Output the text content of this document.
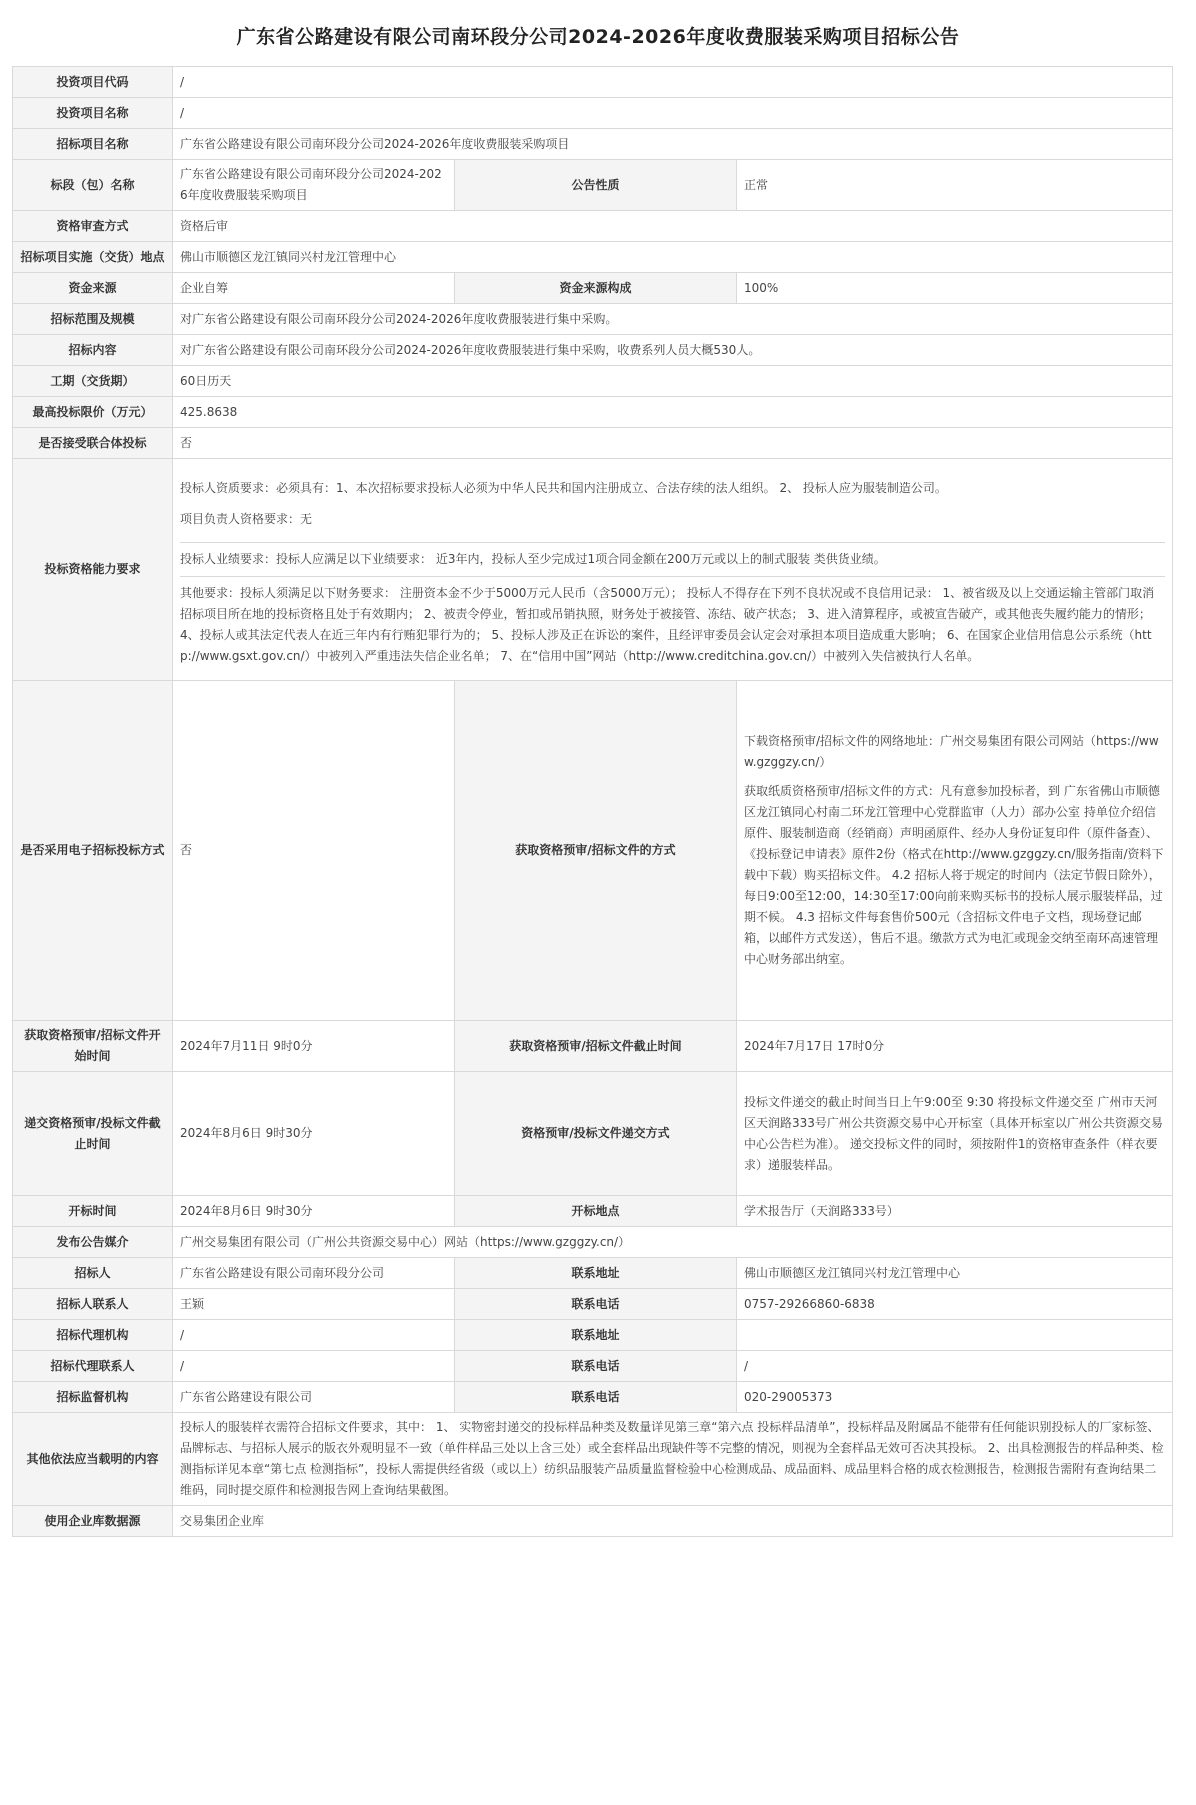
广东省公路建设有限公司南环段分公司2024-2026年度收费服装采购项目招标公告
投资项目代码	/		
投资项目名称	/		
招标项目名称	广东省公路建设有限公司南环段分公司2024-2026年度收费服装采购项目		
标段（包）名称	广东省公路建设有限公司南环段分公司2024-2026年度收费服装采购项目	公告性质	正常
资格审查方式	资格后审		
招标项目实施（交货）地点	佛山市顺德区龙江镇同兴村龙江管理中心		
资金来源	企业自筹	资金来源构成	100%
招标范围及规模	对广东省公路建设有限公司南环段分公司2024-2026年度收费服装进行集中采购。		
招标内容	对广东省公路建设有限公司南环段分公司2024-2026年度收费服装进行集中采购，收费系列人员大概530人。		
工期（交货期）	60日历天		
最高投标限价（万元）	425.8638		
是否接受联合体投标	否		
投标资格能力要求	投标人资质要求：必须具有：1、本次招标要求投标人必须为中华人民共和国内注册成立、合法存续的法人组织。 2、 投标人应为服装制造公司。

项目负责人资格要求：无

投标人业绩要求：投标人应满足以下业绩要求： 近3年内，投标人至少完成过1项合同金额在200万元或以上的制式服装 类供货业绩。

其他要求：投标人须满足以下财务要求： 注册资本金不少于5000万元人民币（含5000万元）； 投标人不得存在下列不良状况或不良信用记录： 1、被省级及以上交通运输主管部门取消招标项目所在地的投标资格且处于有效期内； 2、被责令停业，暂扣或吊销执照，财务处于被接管、冻结、破产状态； 3、进入清算程序，或被宣告破产，或其他丧失履约能力的情形； 4、投标人或其法定代表人在近三年内有行贿犯罪行为的； 5、投标人涉及正在诉讼的案件，且经评审委员会认定会对承担本项目造成重大影响； 6、在国家企业信用信息公示系统（http://www.gsxt.gov.cn/）中被列入严重违法失信企业名单； 7、在“信用中国”网站（http://www.creditchina.gov.cn/）中被列入失信被执行人名单。		

是否采用电子招标投标方式	否	获取资格预审/招标文件的方式	下载资格预审/招标文件的网络地址：广州交易集团有限公司网站（https://www.gzggzy.cn/）

获取纸质资格预审/招标文件的方式：凡有意参加投标者，到 广东省佛山市顺德区龙江镇同心村南二环龙江管理中心党群监审（人力）部办公室 持单位介绍信原件、服装制造商（经销商）声明函原件、经办人身份证复印件（原件备查）、《投标登记申请表》原件2份（格式在http://www.gzggzy.cn/服务指南/资料下载中下载）购买招标文件。 4.2 招标人将于规定的时间内（法定节假日除外），每日9:00至12:00，14:30至17:00向前来购买标书的投标人展示服装样品，过期不候。 4.3 招标文件每套售价500元（含招标文件电子文档，现场登记邮箱，以邮件方式发送），售后不退。缴款方式为电汇或现金交纳至南环高速管理中心财务部出纳室。

获取资格预审/招标文件开始时间	2024年7月11日 9时0分	获取资格预审/招标文件截止时间	2024年7月17日 17时0分
递交资格预审/投标文件截止时间	2024年8月6日 9时30分	资格预审/投标文件递交方式	投标文件递交的截止时间当日上午9:00至 9:30 将投标文件递交至 广州市天河区天润路333号广州公共资源交易中心开标室（具体开标室以广州公共资源交易中心公告栏为准）。 递交投标文件的同时，须按附件1的资格审查条件（样衣要求）递服装样品。
开标时间	2024年8月6日 9时30分	开标地点	学术报告厅（天润路333号）
发布公告媒介	广州交易集团有限公司（广州公共资源交易中心）网站（https://www.gzggzy.cn/）		
招标人	广东省公路建设有限公司南环段分公司	联系地址	佛山市顺德区龙江镇同兴村龙江管理中心
招标人联系人	王颖	联系电话	0757-29266860-6838
招标代理机构	/	联系地址	
招标代理联系人	/	联系电话	/
招标监督机构	广东省公路建设有限公司	联系电话	020-29005373
其他依法应当载明的内容	投标人的服装样衣需符合招标文件要求，其中： 1、 实物密封递交的投标样品种类及数量详见第三章“第六点 投标样品清单”，投标样品及附属品不能带有任何能识别投标人的厂家标签、品牌标志、与招标人展示的版衣外观明显不一致（单件样品三处以上含三处）或全套样品出现缺件等不完整的情况，则视为全套样品无效可否决其投标。 2、出具检测报告的样品种类、检测指标详见本章“第七点 检测指标”，投标人需提供经省级（或以上）纺织品服装产品质量监督检验中心检测成品、成品面料、成品里料合格的成衣检测报告，检测报告需附有查询结果二维码，同时提交原件和检测报告网上查询结果截图。		
使用企业库数据源	交易集团企业库		
